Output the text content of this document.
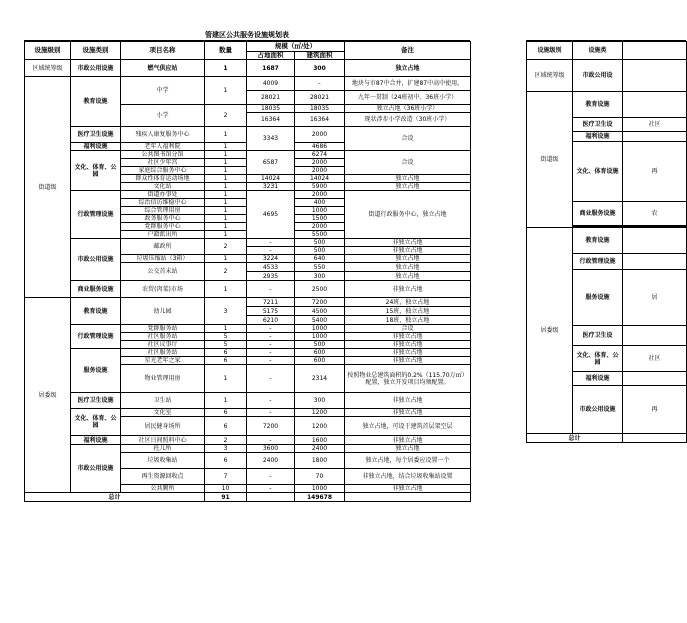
管建区公共服务设施规划表
设施级别	设施类别	项目名称	数量	规模（㎡/处）		备注
				占地面积	建筑面积	
区域统筹级	市政公用设施	燃气供应站	1	1687	300	独立占地
街道级	教育设施	中学	1	4009	-	地块与市87中合并，扩建87中高中使用。
				28021	28021	九年一贯制（24班初中、36班小学）
		小学	2	18035	18035	独立占地（36班小学）
				16364	16364	现状涉步小学改造（30班小学）
	医疗卫生设施	残疾人康复服务中心	1	3343	2000	合设
	福利设施	老年人福利院	1		4686	
	文化、体育、公园	公共图书馆分馆	1	6587	6274	合设
		社区少年宫	1		2000	
		家庭综合服务中心	1		2000	
		群众性体育运动场地	1	14024	14024	独立占地
		文化站	1	3231	5900	独立占地
	行政管理设施	街道办事处	1	4695	2000	街道行政服务中心，独立占地
		综治信访维稳中心	1		400	
		综合管理用房	1		1000	
		政务服务中心	1		1500	
		党群服务中心	1		2000	
		户籍派出所	1		5500	
	市政公用设施	邮政所	2	-	500	非独立占地
				-	500	非独立占地
		垃圾压缩站（3箱）	1	3224	640	独立占地
		公交首末站	2	4533	550	独立占地
				2935	300	独立占地
	商业服务设施	农贸(肉菜)市场	1	-	2500	非独立占地
居委级	教育设施	幼儿园	3	7211	7200	24班，独立占地
				5175	4500	15班，独立占地
				6210	5400	18班，独立占地
	行政管理设施	党群服务站	1	-	1000	合设
		社区服务站	5	-	1000	非独立占地
		社区议事厅	5	-	500	非独立占地
	服务设施	社区服务站	6	-	600	非独立占地
		星光老年之家	6	-	600	非独立占地
		物业管理用房	1	-	2314	按照物业总建筑面积的0.2%（115.70万㎡）配置，独立开发项目均须配置。
	医疗卫生设施	卫生站	1	-	300	非独立占地
	文化、体育、公园	文化室	6	-	1200	非独立占地
		居民健身场所	6	7200	1200	独立占地，可设于建筑首层架空层
	福利设施	社区日间照料中心	2	-	1600	非独立占地
	市政公用设施	托儿所	3	3600	2400	独立占地
		垃圾收集站	6	2400	1800	独立占地，每个居委应设置一个
		再生资源回收点	7	-	70	非独立占地，结合垃圾收集站设置
		公共厕所	10	-	1000	非独立占地
总计			91		149678	

设施级别	设施类	
区域统筹级	市政公用设	
街道级	教育设施	
	医疗卫生设	社区
	福利设施	
	文化、体育设施	再
	商业服务设施	农

居委级	教育设施	
	行政管理设施	
	服务设施	居
	医疗卫生设	
	文化、体育、公园	社区
	福利设施	
	市政公用设施	再
总计		
